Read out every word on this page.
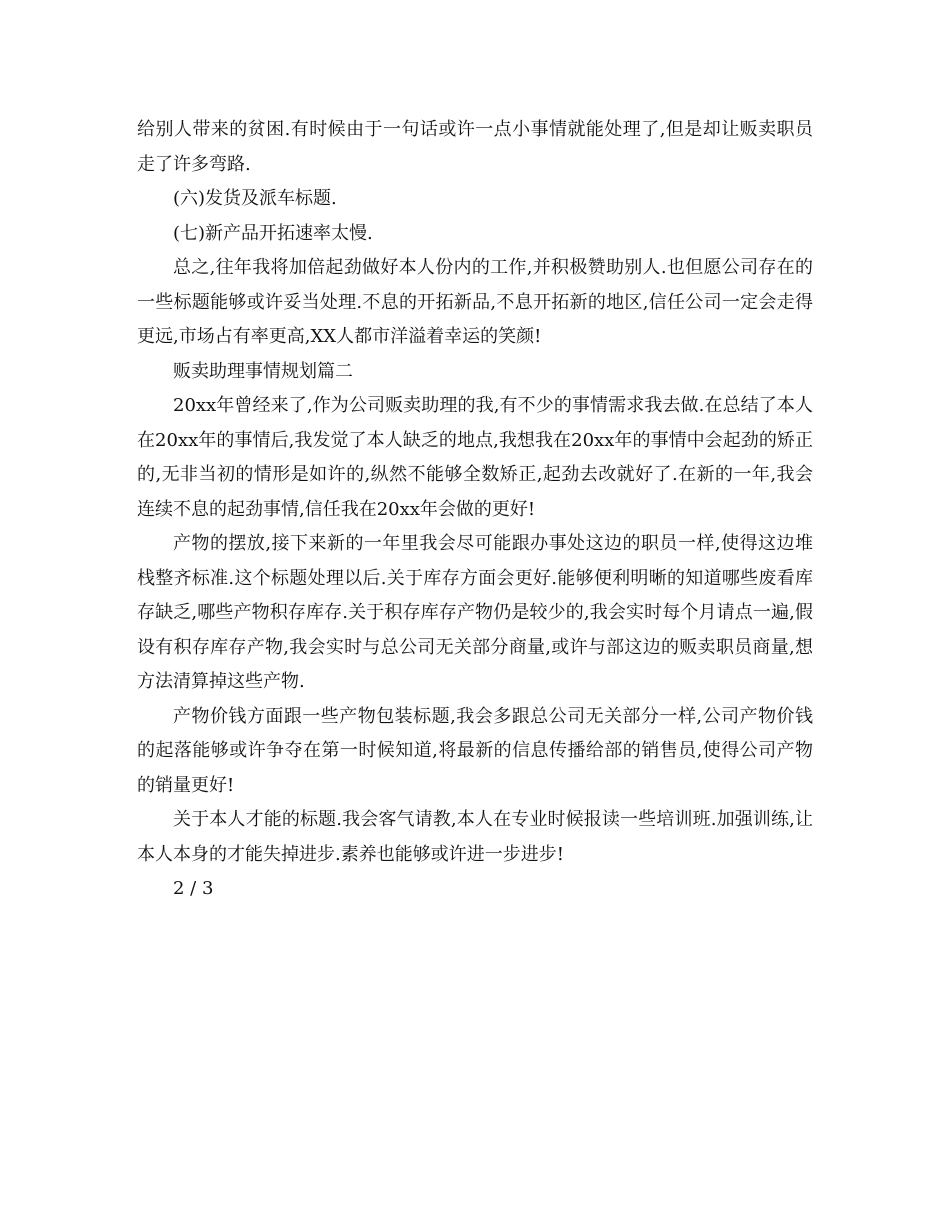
给别人带来的贫困.有时候由于一句话或许一点小事情就能处理了,但是却让贩卖职员走了许多弯路.

(六)发货及派车标题.

(七)新产品开拓速率太慢.

总之,往年我将加倍起劲做好本人份内的工作,并积极赞助别人.也但愿公司存在的一些标题能够或许妥当处理.不息的开拓新品,不息开拓新的地区,信任公司一定会走得更远,市场占有率更高,XX人都市洋溢着幸运的笑颜!

贩卖助理事情规划篇二

20xx年曾经来了,作为公司贩卖助理的我,有不少的事情需求我去做.在总结了本人在20xx年的事情后,我发觉了本人缺乏的地点,我想我在20xx年的事情中会起劲的矫正的,无非当初的情形是如许的,纵然不能够全数矫正,起劲去改就好了.在新的一年,我会连续不息的起劲事情,信任我在20xx年会做的更好!

产物的摆放,接下来新的一年里我会尽可能跟办事处这边的职员一样,使得这边堆栈整齐标准.这个标题处理以后.关于库存方面会更好.能够便利明晰的知道哪些废看库存缺乏,哪些产物积存库存.关于积存库存产物仍是较少的,我会实时每个月请点一遍,假设有积存库存产物,我会实时与总公司无关部分商量,或许与部这边的贩卖职员商量,想方法清算掉这些产物.

产物价钱方面跟一些产物包装标题,我会多跟总公司无关部分一样,公司产物价钱的起落能够或许争夺在第一时候知道,将最新的信息传播给部的销售员,使得公司产物的销量更好!

关于本人才能的标题.我会客气请教,本人在专业时候报读一些培训班.加强训练,让本人本身的才能失掉进步.素养也能够或许进一步进步!

2 / 3
